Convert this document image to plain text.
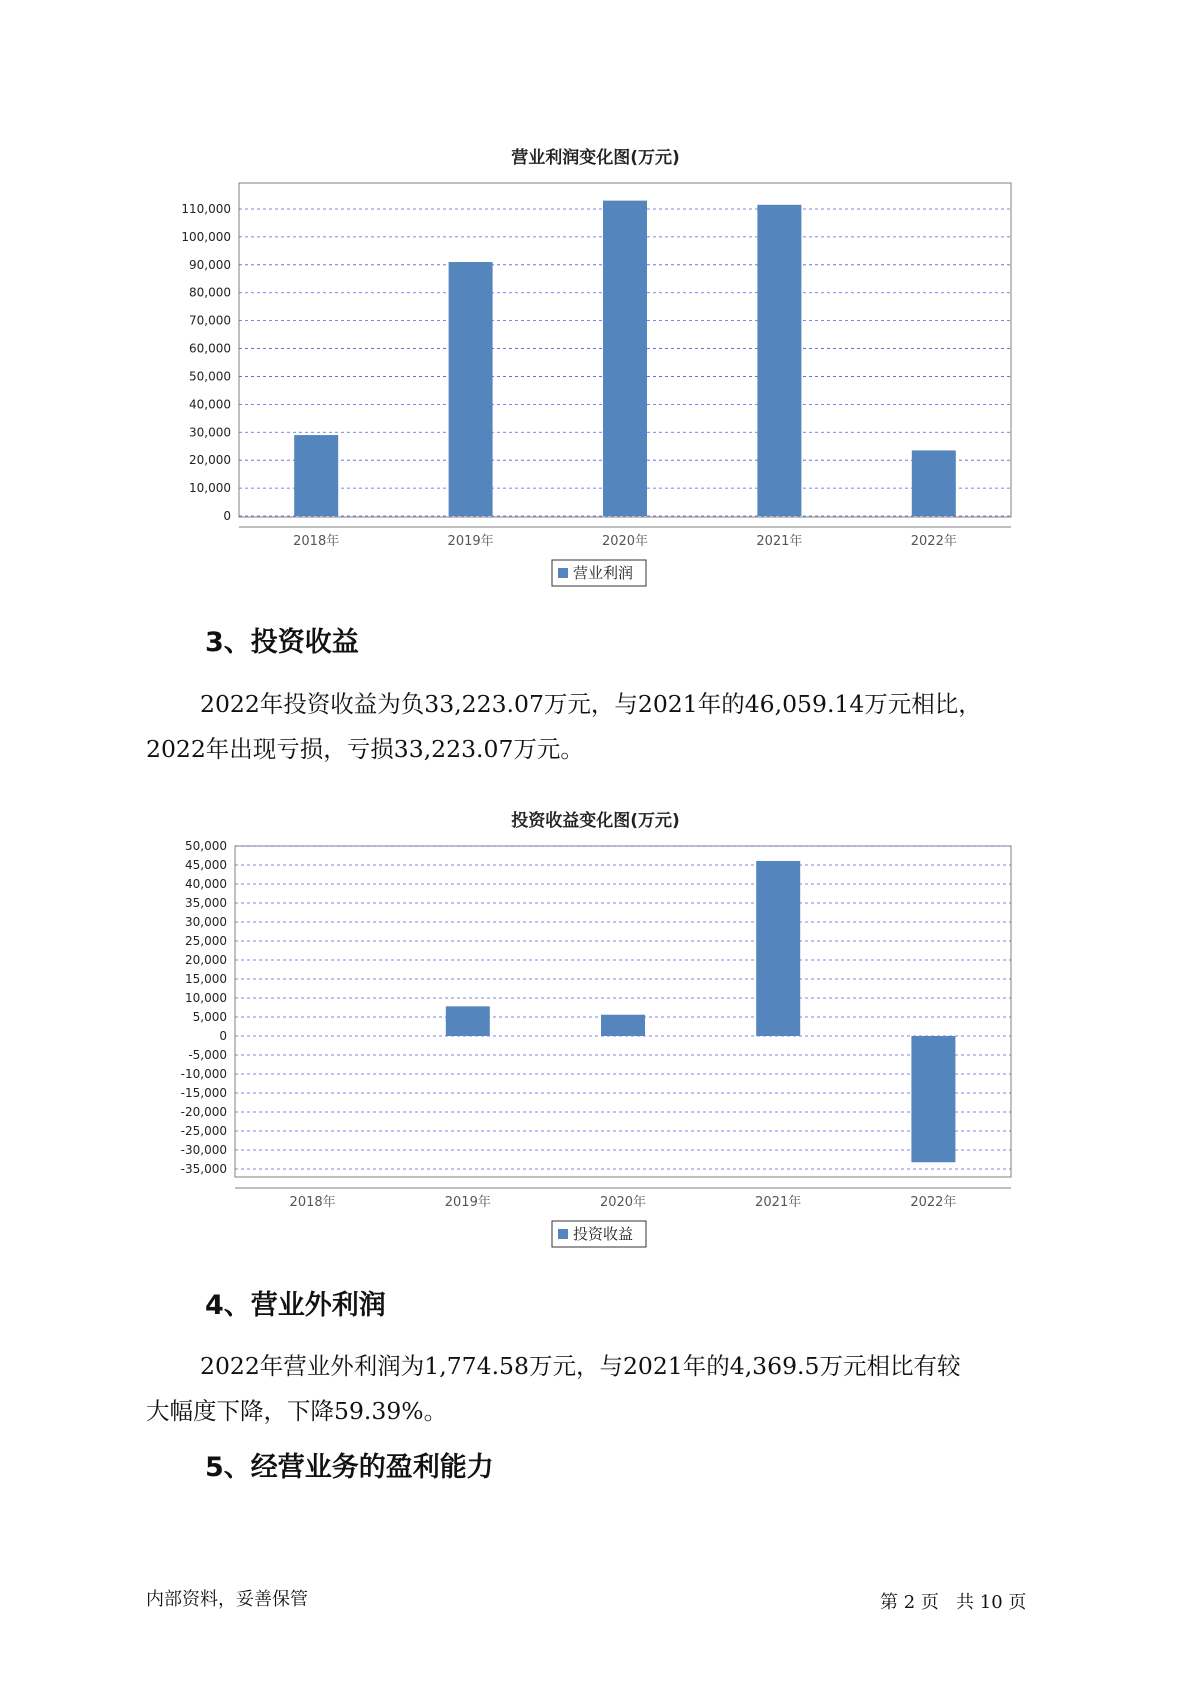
营业利润变化图(万元)
0
10,000
20,000
30,000
40,000
50,000
60,000
70,000
80,000
90,000
100,000
110,000
2018年	2019年	2020年	2021年	2022年
营业利润
3、投资收益

2022年投资收益为负33,223.07万元，与2021年的46,059.14万元相比，
2022年出现亏损，亏损33,223.07万元。

投资收益变化图(万元)
-35,000
-30,000
-25,000
-20,000
-15,000
-10,000
-5,000
0
5,000
10,000
15,000
20,000
25,000
30,000
35,000
40,000
45,000
50,000
2018年	2019年	2020年	2021年	2022年
投资收益
4、营业外利润

2022年营业外利润为1,774.58万元，与2021年的4,369.5万元相比有较
大幅度下降，下降59.39%。

5、经营业务的盈利能力
内部资料，妥善保管	第 2 页   共 10 页
